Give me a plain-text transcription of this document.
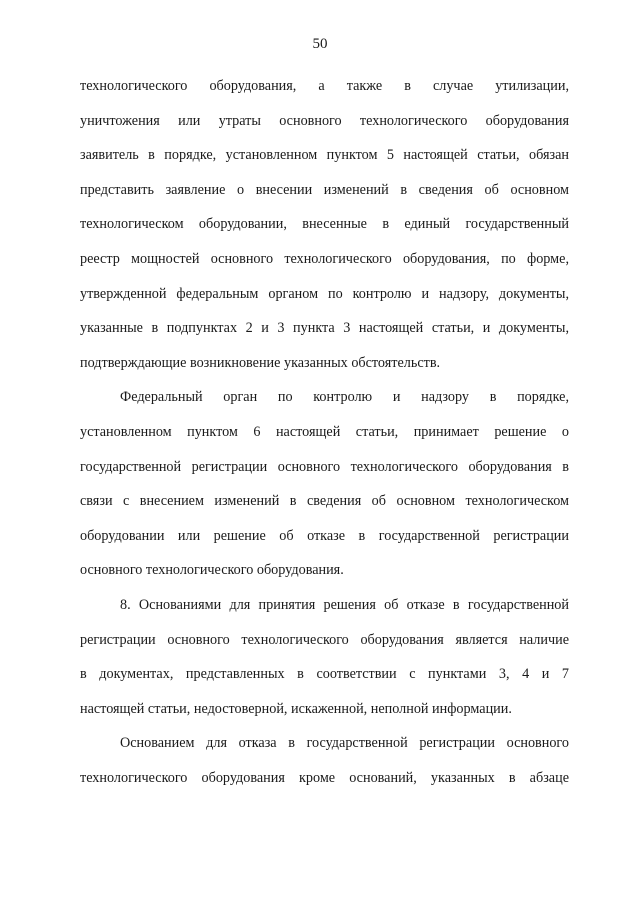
50
технологического оборудования, а также в случае утилизации,
уничтожения или утраты основного технологического оборудования
заявитель в порядке, установленном пунктом 5 настоящей статьи, обязан
представить заявление о внесении изменений в сведения об основном
технологическом оборудовании, внесенные в единый государственный
реестр мощностей основного технологического оборудования, по форме,
утвержденной федеральным органом по контролю и надзору, документы,
указанные в подпунктах 2 и 3 пункта 3 настоящей статьи, и документы,
подтверждающие возникновение указанных обстоятельств.
Федеральный орган по контролю и надзору в порядке,
установленном пунктом 6 настоящей статьи, принимает решение о
государственной регистрации основного технологического оборудования в
связи с внесением изменений в сведения об основном технологическом
оборудовании или решение об отказе в государственной регистрации
основного технологического оборудования.
8. Основаниями для принятия решения об отказе в государственной
регистрации основного технологического оборудования является наличие
в документах, представленных в соответствии с пунктами 3, 4 и 7
настоящей статьи, недостоверной, искаженной, неполной информации.
Основанием для отказа в государственной регистрации основного
технологического оборудования кроме оснований, указанных в абзаце
